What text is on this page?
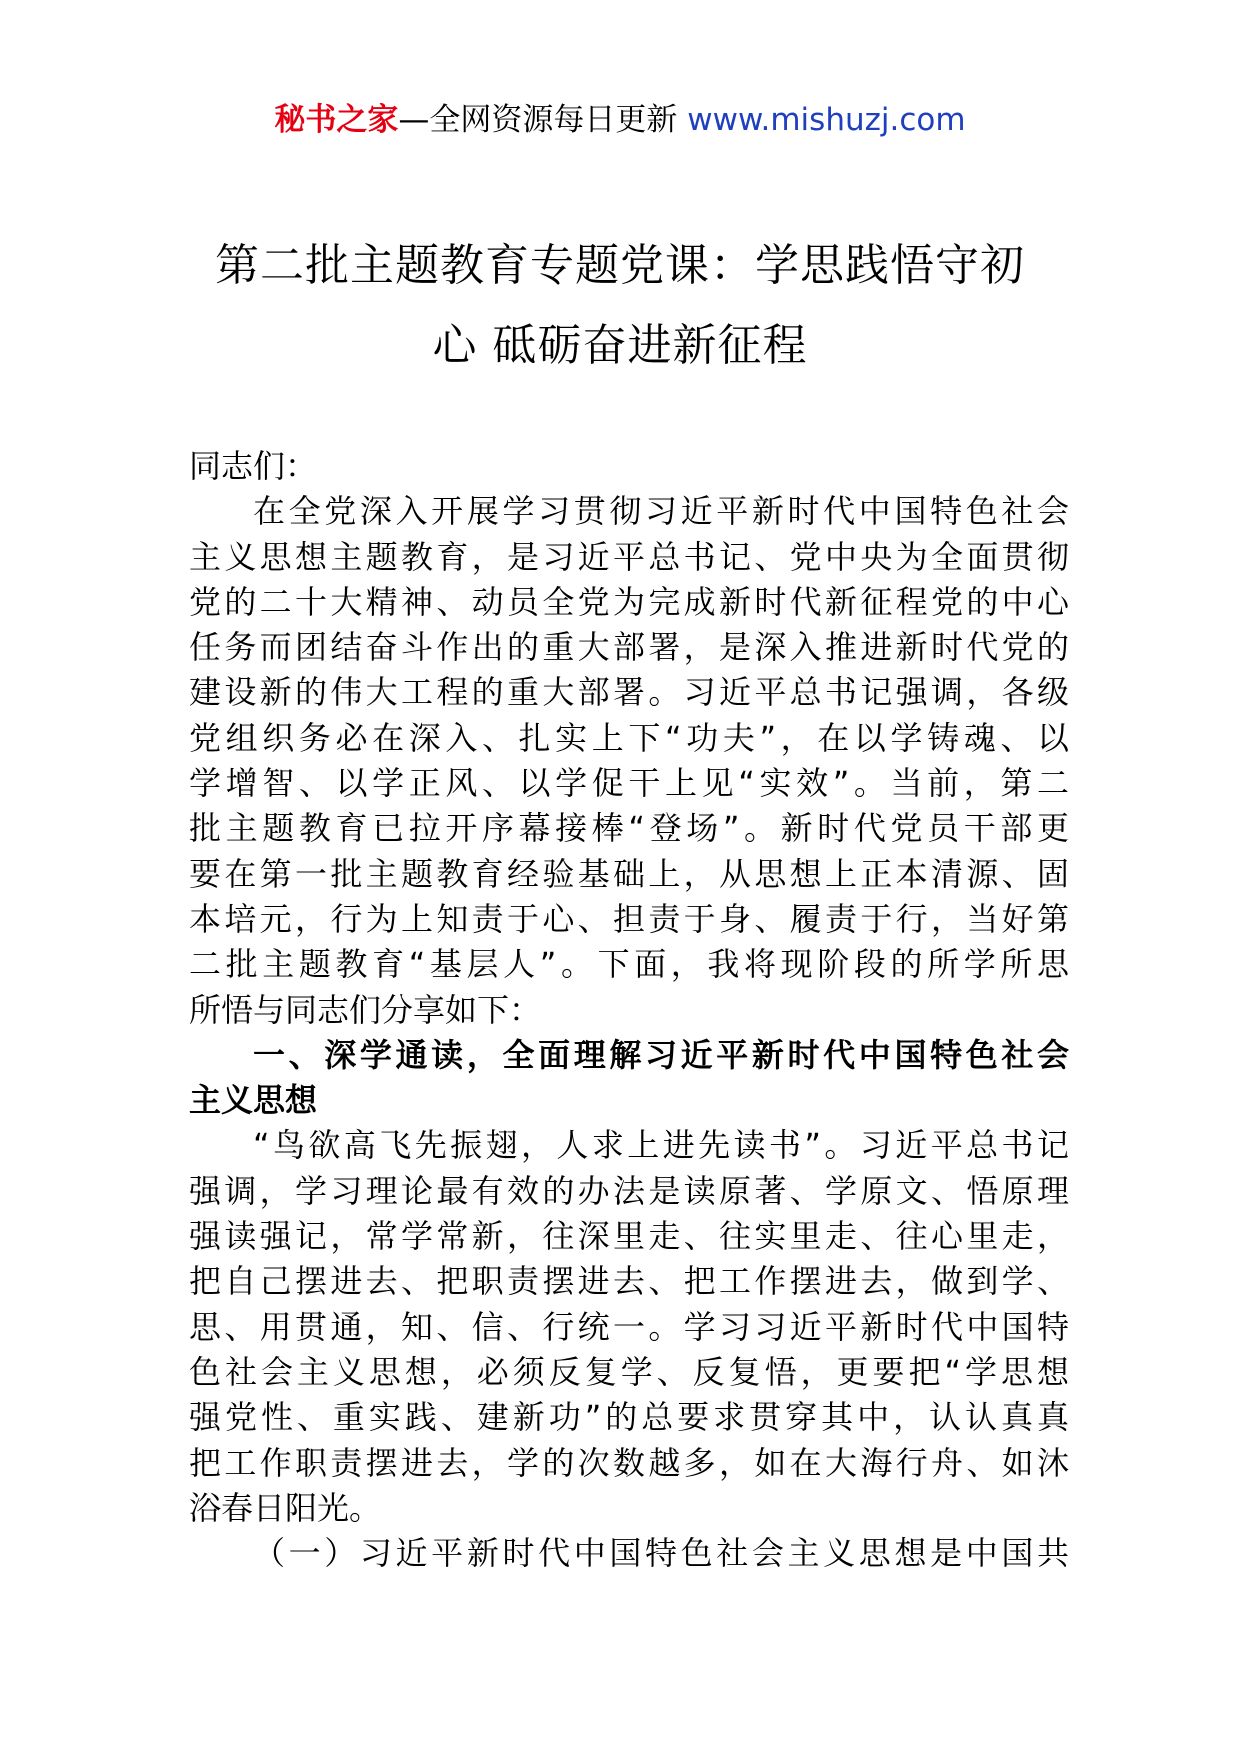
秘书之家—全网资源每日更新 www.mishuzj.com
第二批主题教育专题党课：学思践悟守初
心 砥砺奋进新征程
同志们：
在全党深入开展学习贯彻习近平新时代中国特色社会
主义思想主题教育，是习近平总书记、党中央为全面贯彻
党的二十大精神、动员全党为完成新时代新征程党的中心
任务而团结奋斗作出的重大部署，是深入推进新时代党的
建设新的伟大工程的重大部署。习近平总书记强调，各级
党组织务必在深入、扎实上下“功夫”，在以学铸魂、以
学增智、以学正风、以学促干上见“实效”。当前，第二
批主题教育已拉开序幕接棒“登场”。新时代党员干部更
要在第一批主题教育经验基础上，从思想上正本清源、固
本培元，行为上知责于心、担责于身、履责于行，当好第
二批主题教育“基层人”。下面，我将现阶段的所学所思
所悟与同志们分享如下：
一、深学通读，全面理解习近平新时代中国特色社会
主义思想
“鸟欲高飞先振翅，人求上进先读书”。习近平总书记
强调，学习理论最有效的办法是读原著、学原文、悟原理
强读强记，常学常新，往深里走、往实里走、往心里走，
把自己摆进去、把职责摆进去、把工作摆进去，做到学、
思、用贯通，知、信、行统一。学习习近平新时代中国特
色社会主义思想，必须反复学、反复悟，更要把“学思想
强党性、重实践、建新功”的总要求贯穿其中，认认真真
把工作职责摆进去，学的次数越多，如在大海行舟、如沐
浴春日阳光。
（一）习近平新时代中国特色社会主义思想是中国共
